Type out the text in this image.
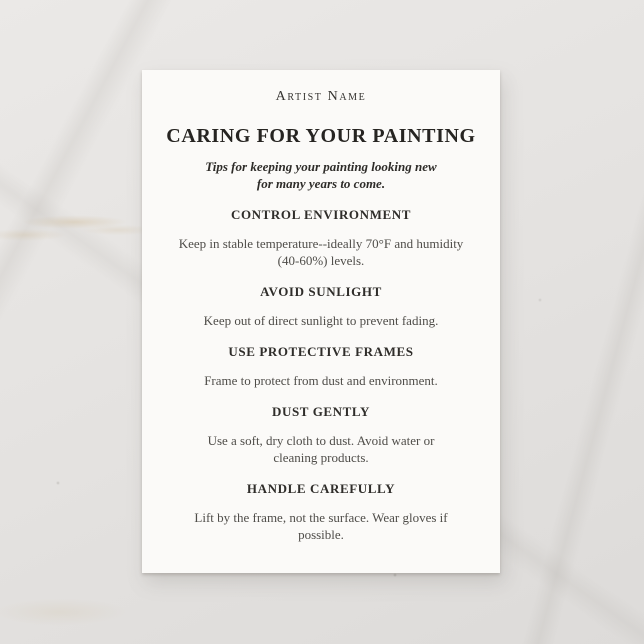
Artist Name
CARING FOR YOUR PAINTING
Tips for keeping your painting looking new
for many years to come.
CONTROL ENVIRONMENT

Keep in stable temperature--ideally 70°F and humidity
(40-60%) levels.

AVOID SUNLIGHT

Keep out of direct sunlight to prevent fading.

USE PROTECTIVE FRAMES

Frame to protect from dust and environment.

DUST GENTLY

Use a soft, dry cloth to dust. Avoid water or
cleaning products.

HANDLE CAREFULLY

Lift by the frame, not the surface. Wear gloves if
possible.
